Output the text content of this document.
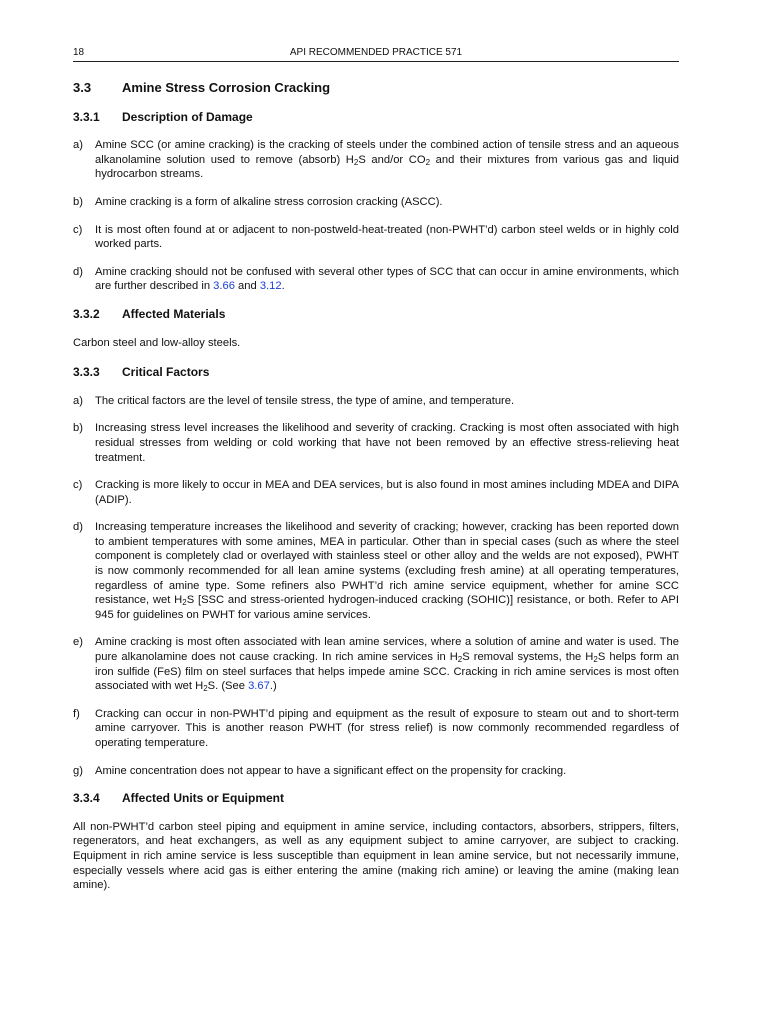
18	API RECOMMENDED PRACTICE 571
3.3 Amine Stress Corrosion Cracking
3.3.1 Description of Damage
a) Amine SCC (or amine cracking) is the cracking of steels under the combined action of tensile stress and an aqueous alkanolamine solution used to remove (absorb) $H_2S$ and/or $CO_2$ and their mixtures from various gas and liquid hydrocarbon streams.
b) Amine cracking is a form of alkaline stress corrosion cracking (ASCC).
c) It is most often found at or adjacent to non-postweld-heat-treated (non-PWHT’d) carbon steel welds or in highly cold worked parts.
d) Amine cracking should not be confused with several other types of SCC that can occur in amine environments, which are further described in 3.66 and 3.12.
3.3.2 Affected Materials
Carbon steel and low-alloy steels.
3.3.3 Critical Factors
a) The critical factors are the level of tensile stress, the type of amine, and temperature.
b) Increasing stress level increases the likelihood and severity of cracking. Cracking is most often associated with high residual stresses from welding or cold working that have not been removed by an effective stress-relieving heat treatment.
c) Cracking is more likely to occur in MEA and DEA services, but is also found in most amines including MDEA and DIPA (ADIP).
d) Increasing temperature increases the likelihood and severity of cracking; however, cracking has been reported down to ambient temperatures with some amines, MEA in particular. Other than in special cases (such as where the steel component is completely clad or overlayed with stainless steel or other alloy and the welds are not exposed), PWHT is now commonly recommended for all lean amine systems (excluding fresh amine) at all operating temperatures, regardless of amine type. Some refiners also PWHT’d rich amine service equipment, whether for amine SCC resistance, wet $H_2S$ [SSC and stress-oriented hydrogen-induced cracking (SOHIC)] resistance, or both. Refer to API 945 for guidelines on PWHT for various amine services.
e) Amine cracking is most often associated with lean amine services, where a solution of amine and water is used. The pure alkanolamine does not cause cracking. In rich amine services in $H_2S$ removal systems, the $H_2S$ helps form an iron sulfide (FeS) film on steel surfaces that helps impede amine SCC. Cracking in rich amine services is most often associated with wet $H_2S$. (See 3.67.)
f) Cracking can occur in non-PWHT’d piping and equipment as the result of exposure to steam out and to short-term amine carryover. This is another reason PWHT (for stress relief) is now commonly recommended regardless of operating temperature.
g) Amine concentration does not appear to have a significant effect on the propensity for cracking.
3.3.4 Affected Units or Equipment
All non-PWHT’d carbon steel piping and equipment in amine service, including contactors, absorbers, strippers, filters, regenerators, and heat exchangers, as well as any equipment subject to amine carryover, are subject to cracking. Equipment in rich amine service is less susceptible than equipment in lean amine service, but not necessarily immune, especially vessels where acid gas is either entering the amine (making rich amine) or leaving the amine (making lean amine).
